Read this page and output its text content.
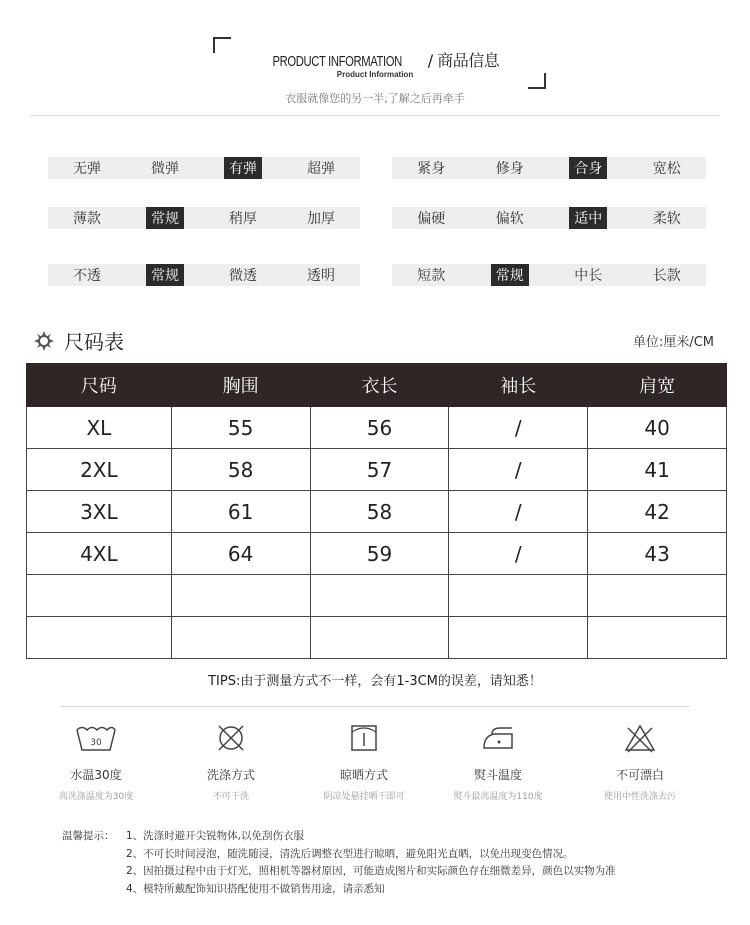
PRODUCT INFORMATION / 商品信息
Product Information
衣服就像您的另一半,了解之后再牵手
无弹	微弹	有弹	超弹	紧身	修身	合身	宽松
薄款	常规	稍厚	加厚	偏硬	偏软	适中	柔软
不透	常规	微透	透明	短款	常规	中长	长款
尺码表	单位:厘米/CM
尺码	胸围	衣长	袖长	肩宽
XL	55	56	/	40
2XL	58	57	/	41
3XL	61	58	/	42
4XL	64	59	/	43

TIPS:由于测量方式不一样，会有1-3CM的误差，请知悉！
30
水温30度
高洗涤温度为30度
洗涤方式
不可干洗
晾晒方式
阴凉处悬挂晒干即可
熨斗温度
熨斗最高温度为110度
不可漂白
使用中性洗涤去污
温馨提示：	1、洗涤时避开尖锐物体,以免刮伤衣服
2、不可长时间浸泡，随洗随浸，清洗后调整衣型进行晾晒，避免阳光直晒，以免出现变色情况。
2、因拍摄过程中由于灯光，照相机等器材原因，可能造成图片和实际颜色存在细微差异，颜色以实物为准
4、模特所戴配饰知识搭配使用不做销售用途，请亲悉知
